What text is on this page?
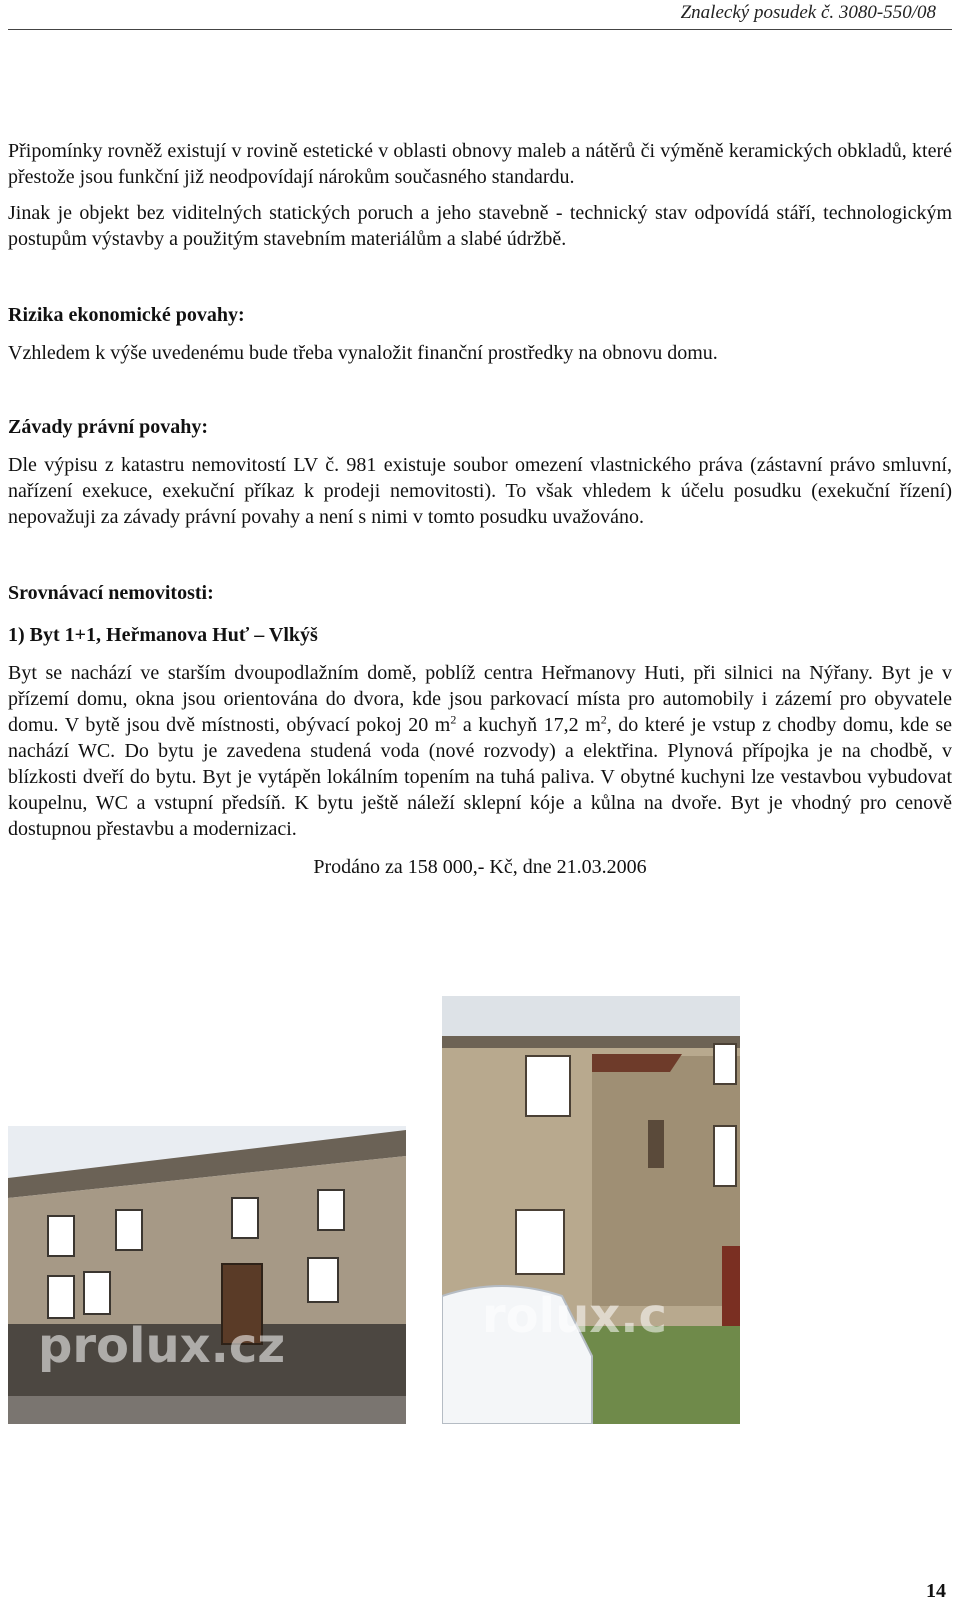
Znalecký posudek č. 3080-550/08

Připomínky rovněž existují v rovině estetické v oblasti obnovy maleb a nátěrů či výměně keramických obkladů, které přestože jsou funkční již neodpovídají nárokům současného standardu.

Jinak je objekt bez viditelných statických poruch a jeho stavebně - technický stav odpovídá stáří, technologickým postupům výstavby a použitým stavebním materiálům a slabé údržbě.

Rizika ekonomické povahy:

Vzhledem k výše uvedenému bude třeba vynaložit finanční prostředky na obnovu domu.

Závady právní povahy:

Dle výpisu z katastru nemovitostí LV č. 981 existuje soubor omezení vlastnického práva (zástavní právo smluvní, nařízení exekuce, exekuční příkaz k prodeji nemovitosti). To však vhledem k účelu posudku (exekuční řízení) nepovažuji za závady právní povahy a není s nimi v tomto posudku uvažováno.

Srovnávací nemovitosti:
1) Byt 1+1, Heřmanova Huť – Vlkýš

Byt se nachází ve starším dvoupodlažním domě, poblíž centra Heřmanovy Huti, při silnici na Nýřany. Byt je v přízemí domu, okna jsou orientována do dvora, kde jsou parkovací místa pro automobily i zázemí pro obyvatele domu. V bytě jsou dvě místnosti, obývací pokoj 20 $m^2$ a kuchyň 17,2 $m^2$, do které je vstup z chodby domu, kde se nachází WC. Do bytu je zavedena studená voda (nové rozvody) a elektřina. Plynová přípojka je na chodbě, v blízkosti dveří do bytu. Byt je vytápěn lokálním topením na tuhá paliva. V obytné kuchyni lze vestavbou vybudovat koupelnu, WC a vstupní předsíň. K bytu ještě náleží sklepní kóje a kůlna na dvoře. Byt je vhodný pro cenově dostupnou přestavbu a modernizaci.

Prodáno za 158 000,- Kč, dne 21.03.2006
prolux.cz
rolux.c
14
